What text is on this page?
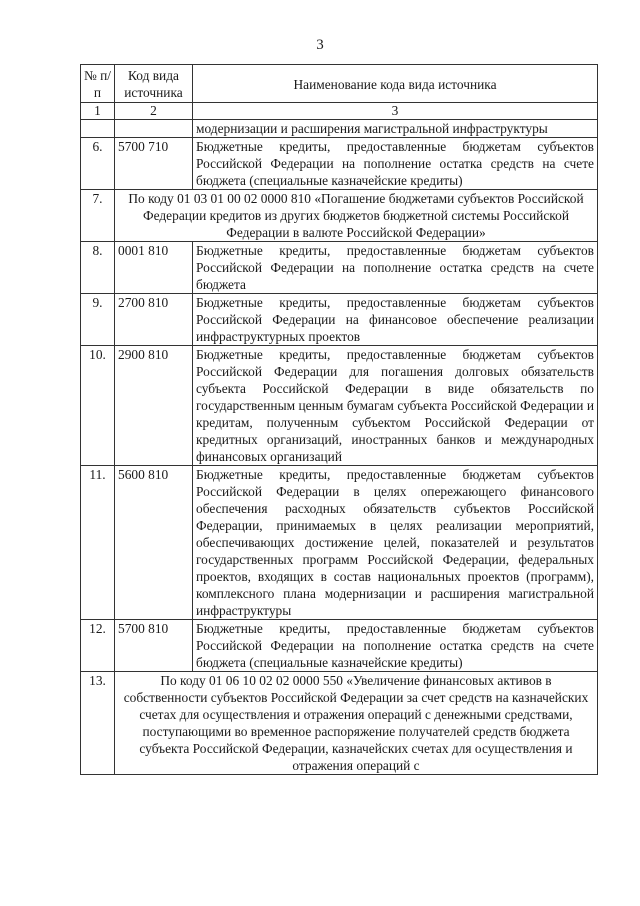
3
№ п/п	Код вида источника	Наименование кода вида источника
1	2	3
		модернизации и расширения магистральной инфраструктуры
6.	5700 710	Бюджетные кредиты, предоставленные бюджетам субъектов Российской Федерации на пополнение остатка средств на счете бюджета (специальные казначейские кредиты)
7.	По коду 01 03 01 00 02 0000 810 «Погашение бюджетами субъектов Российской Федерации кредитов из других бюджетов бюджетной системы Российской Федерации в валюте Российской Федерации»	
8.	0001 810	Бюджетные кредиты, предоставленные бюджетам субъектов Российской Федерации на пополнение остатка средств на счете бюджета
9.	2700 810	Бюджетные кредиты, предоставленные бюджетам субъектов Российской Федерации на финансовое обеспечение реализации инфраструктурных проектов
10.	2900 810	Бюджетные кредиты, предоставленные бюджетам субъектов Российской Федерации для погашения долговых обязательств субъекта Российской Федерации в виде обязательств по государственным ценным бумагам субъекта Российской Федерации и кредитам, полученным субъектом Российской Федерации от кредитных организаций, иностранных банков и международных финансовых организаций
11.	5600 810	Бюджетные кредиты, предоставленные бюджетам субъектов Российской Федерации в целях опережающего финансового обеспечения расходных обязательств субъектов Российской Федерации, принимаемых в целях реализации мероприятий, обеспечивающих достижение целей, показателей и результатов государственных программ Российской Федерации, федеральных проектов, входящих в состав национальных проектов (программ), комплексного плана модернизации и расширения магистральной инфраструктуры
12.	5700 810	Бюджетные кредиты, предоставленные бюджетам субъектов Российской Федерации на пополнение остатка средств на счете бюджета (специальные казначейские кредиты)
13.	По коду 01 06 10 02 02 0000 550 «Увеличение финансовых активов в собственности субъектов Российской Федерации за счет средств на казначейских счетах для осуществления и отражения операций с денежными средствами, поступающими во временное распоряжение получателей средств бюджета субъекта Российской Федерации, казначейских счетах для осуществления и отражения операций с	
